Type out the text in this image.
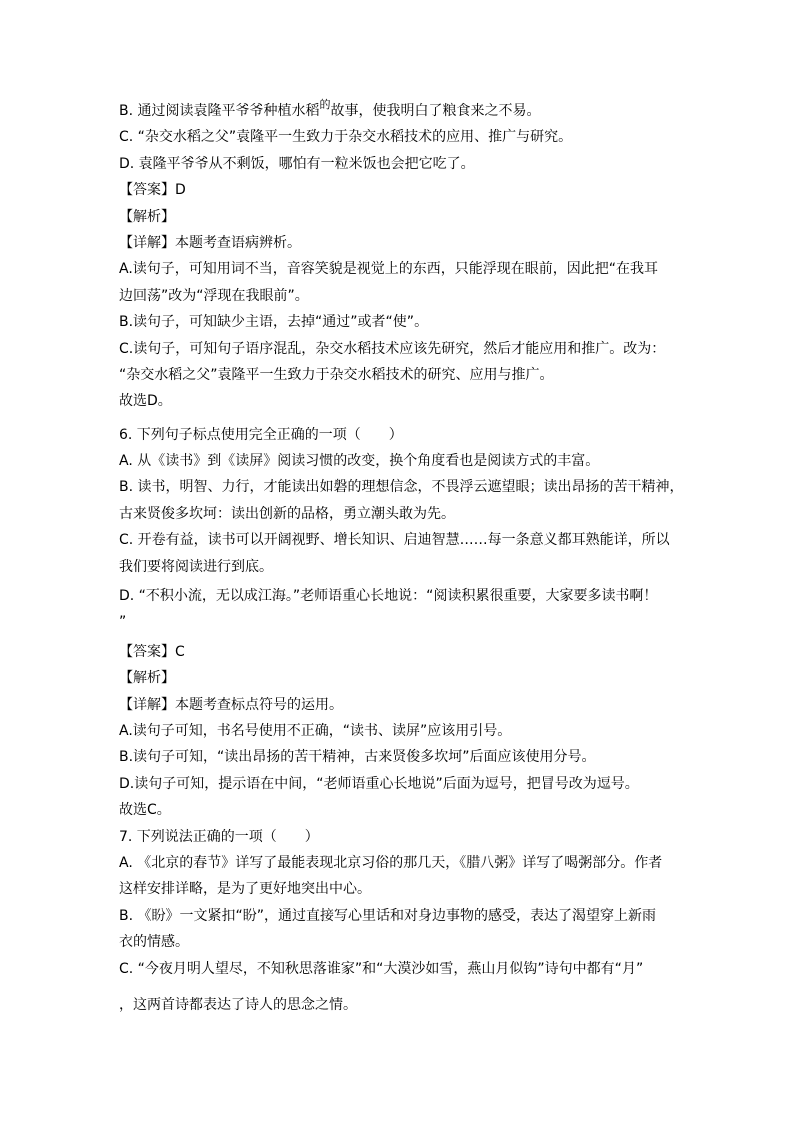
B. 通过阅读袁隆平爷爷种植水稻$^的$故事，使我明白了粮食来之不易。
C. “杂交水稻之父”袁隆平一生致力于杂交水稻技术的应用、推广与研究。
D. 袁隆平爷爷从不剩饭，哪怕有一粒米饭也会把它吃了。
【答案】D
【解析】
【详解】本题考查语病辨析。
A.读句子，可知用词不当，音容笑貌是视觉上的东西，只能浮现在眼前，因此把“在我耳
边回荡”改为“浮现在我眼前”。
B.读句子，可知缺少主语，去掉“通过”或者“使”。
C.读句子，可知句子语序混乱，杂交水稻技术应该先研究，然后才能应用和推广。改为：
“杂交水稻之父”袁隆平一生致力于杂交水稻技术的研究、应用与推广。
故选D。
6. 下列句子标点使用完全正确的一项（　　）
A. 从《读书》到《读屏》阅读习惯的改变，换个角度看也是阅读方式的丰富。
B. 读书，明智、力行，才能读出如磐的理想信念，不畏浮云遮望眼；读出昂扬的苦干精神，
古来贤俊多坎坷：读出创新的品格，勇立潮头敢为先。
C. 开卷有益，读书可以开阔视野、增长知识、启迪智慧……每一条意义都耳熟能详，所以
我们要将阅读进行到底。
D. “不积小流，无以成江海。”老师语重心长地说：“阅读积累很重要，大家要多读书啊！
”
【答案】C
【解析】
【详解】本题考查标点符号的运用。
A.读句子可知，书名号使用不正确，“读书、读屏”应该用引号。
B.读句子可知，“读出昂扬的苦干精神，古来贤俊多坎坷”后面应该使用分号。
D.读句子可知，提示语在中间，“老师语重心长地说”后面为逗号，把冒号改为逗号。
故选C。
7. 下列说法正确的一项（　　）
A. 《北京的春节》详写了最能表现北京习俗的那几天，《腊八粥》详写了喝粥部分。作者
这样安排详略，是为了更好地突出中心。
B. 《盼》一文紧扣“盼”，通过直接写心里话和对身边事物的感受，表达了渴望穿上新雨
衣的情感。
C. “今夜月明人望尽，不知秋思落谁家”和“大漠沙如雪，燕山月似钩”诗句中都有“月”
，这两首诗都表达了诗人的思念之情。
